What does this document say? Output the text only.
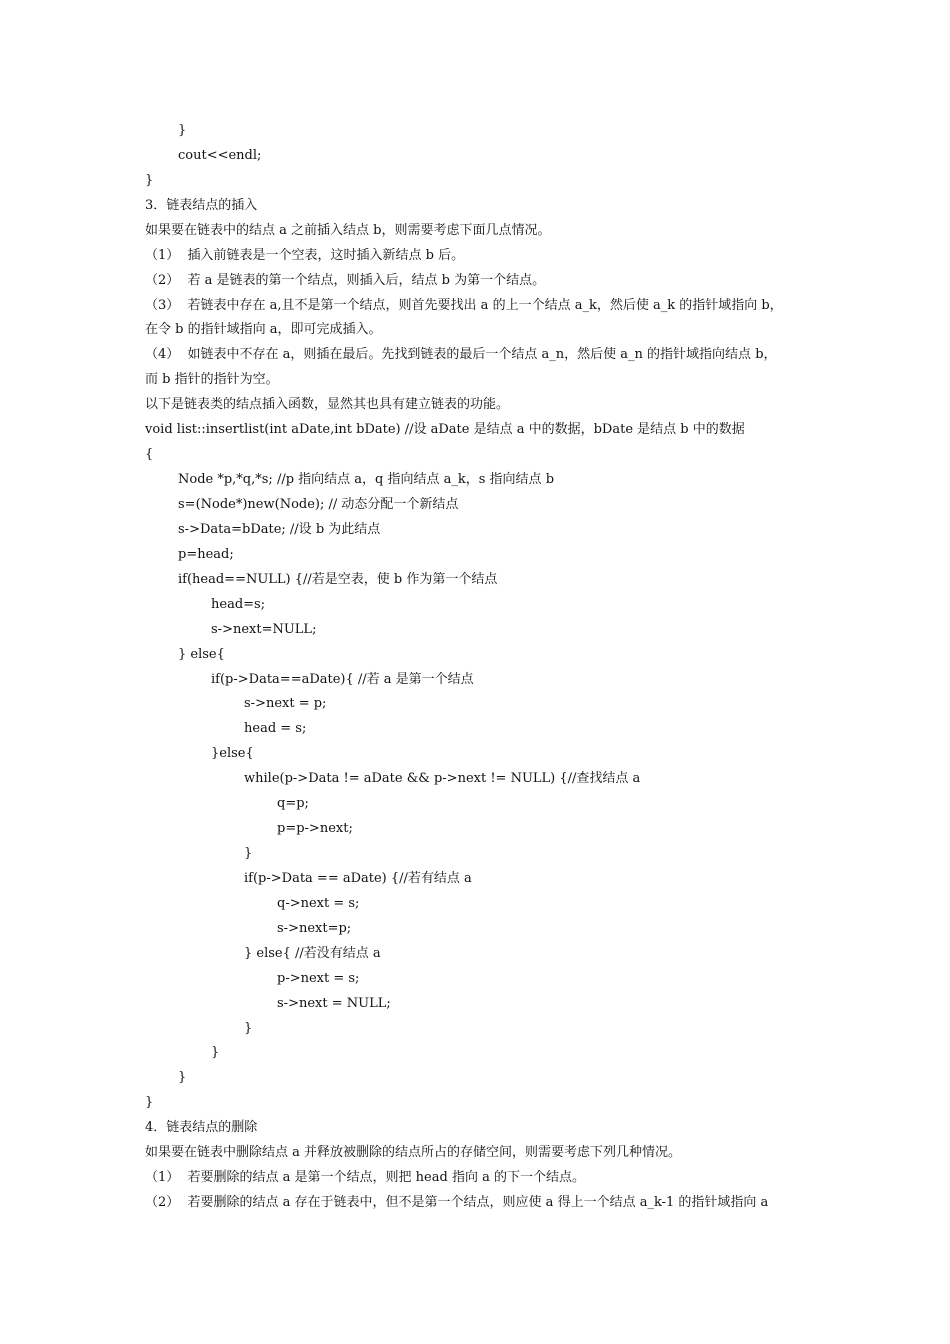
}
cout<<endl;
}
3．链表结点的插入
如果要在链表中的结点 a 之前插入结点 b，则需要考虑下面几点情况。
（1）  插入前链表是一个空表，这时插入新结点 b 后。
（2）  若 a 是链表的第一个结点，则插入后，结点 b 为第一个结点。
（3）  若链表中存在 a,且不是第一个结点，则首先要找出 a 的上一个结点 a_k，然后使 a_k 的指针域指向 b，
在令 b 的指针域指向 a，即可完成插入。
（4）  如链表中不存在 a，则插在最后。先找到链表的最后一个结点 a_n，然后使 a_n 的指针域指向结点 b，
而 b 指针的指针为空。
以下是链表类的结点插入函数，显然其也具有建立链表的功能。
void list::insertlist(int aDate,int bDate) //设 aDate 是结点 a 中的数据，bDate 是结点 b 中的数据
{
Node *p,*q,*s; //p 指向结点 a，q 指向结点 a_k，s 指向结点 b
s=(Node*)new(Node); // 动态分配一个新结点
s->Data=bDate; //设 b 为此结点
p=head;
if(head==NULL) {//若是空表，使 b 作为第一个结点
head=s;
s->next=NULL;
} else{
if(p->Data==aDate){ //若 a 是第一个结点
s->next = p;
head = s;
}else{
while(p->Data != aDate && p->next != NULL) {//查找结点 a
q=p;
p=p->next;
}
if(p->Data == aDate) {//若有结点 a
q->next = s;
s->next=p;
} else{ //若没有结点 a
p->next = s;
s->next = NULL;
}
}
}
}
4．链表结点的删除
如果要在链表中删除结点 a 并释放被删除的结点所占的存储空间，则需要考虑下列几种情况。
（1）  若要删除的结点 a 是第一个结点，则把 head 指向 a 的下一个结点。
（2）  若要删除的结点 a 存在于链表中，但不是第一个结点，则应使 a 得上一个结点 a_k-1 的指针域指向 a
